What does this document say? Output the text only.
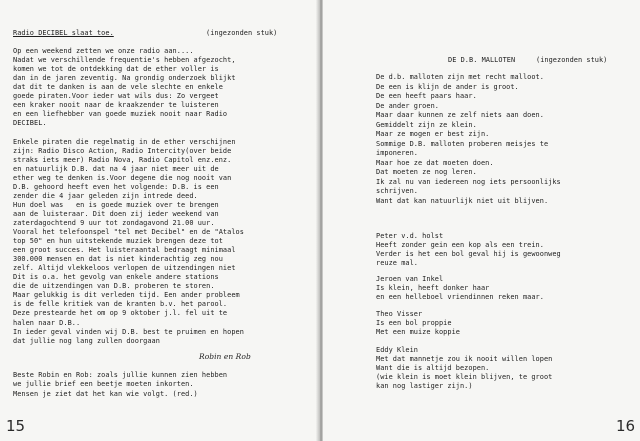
Radio DECIBEL slaat toe.	(ingezonden stuk)
Op een weekend zetten we onze radio aan....
Nadat we verschillende frequentie's hebben afgezocht,
komen we tot de ontdekking dat de ether voller is
dan in de jaren zeventig. Na grondig onderzoek blijkt
dat dit te danken is aan de vele slechte en enkele
goede piraten.Voor ieder wat wils dus: Zo vergeet
een kraker nooit naar de kraakzender te luisteren
en een liefhebber van goede muziek nooit naar Radio
DECIBEL.
Enkele piraten die regelmatig in de ether verschijnen
zijn: Radio Disco Action, Radio Intercity(over beide
straks iets meer) Radio Nova, Radio Capitol enz.enz.
en natuurlijk D.B. dat na 4 jaar niet meer uit de
ether weg te denken is.Voor degene die nog nooit van
D.B. gehoord heeft even het volgende: D.B. is een
zender die 4 jaar geleden zijn intrede deed.
Hun doel was   en is goede muziek over te brengen
aan de luisteraar. Dit doen zij ieder weekend van
zaterdagochtend 9 uur tot zondagavond 21.00 uur.
Vooral het telefoonspel "tel met Decibel" en de "Atalos
top 50" en hun uitstekende muziek brengen deze tot
een groot succes. Het luisteraantal bedraagt minimaal
300.000 mensen en dat is niet kinderachtig zeg nou
zelf. Altijd vlekkeloos verlopen de uitzendingen niet
Dit is o.a. het gevolg van enkele andere stations
die de uitzendingen van D.B. proberen te storen.
Maar gelukkig is dit verleden tijd. Een ander probleem
is de felle kritiek van de kranten b.v. het parool.
Deze prestearde het om op 9 oktober j.l. fel uit te
halen naar D.B..
In ieder geval vinden wij D.B. best te pruimen en hopen
dat jullie nog lang zullen doorgaan
Robin en Rob
Beste Robin en Rob: zoals jullie kunnen zien hebben
we jullie brief een beetje moeten inkorten.
Mensen je ziet dat het kan wie volgt. (red.)
15
DE D.B. MALLOTEN	(ingezonden stuk)
De d.b. malloten zijn met recht malloot.
De een is klijn de ander is groot.
De een heeft paars haar.
De ander groen.
Maar daar kunnen ze zelf niets aan doen.
Gemiddelt zijn ze klein.
Maar ze mogen er best zijn.
Sommige D.B. malloten proberen meisjes te
imponeren.
Maar hoe ze dat moeten doen.
Dat moeten ze nog leren.
Ik zal nu van iedereen nog iets persoonlijks
schrijven.
Want dat kan natuurlijk niet uit blijven.
Peter v.d. holst
Heeft zonder gein een kop als een trein.
Verder is het een bol geval hij is gewoonweg
reuze mal.
Jeroen van Inkel
Is klein, heeft donker haar
en een helleboel vriendinnen reken maar.
Theo Visser
Is een bol proppie
Met een muize koppie
Eddy Klein
Met dat mannetje zou ik nooit willen lopen
Want die is altijd bezopen.
(wie klein is moet klein blijven, te groot
kan nog lastiger zijn.)
16
